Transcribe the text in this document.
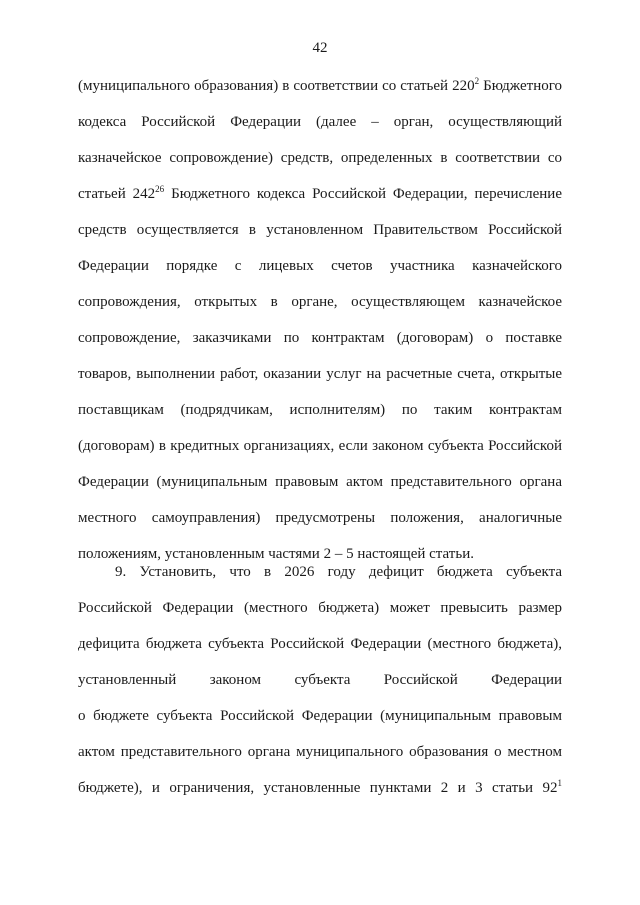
42
(муниципального образования) в соответствии со статьей $220^2$ Бюджетного
кодекса Российской Федерации (далее – орган, осуществляющий
казначейское сопровождение) средств, определенных в соответствии со
статьей $242^{26}$ Бюджетного кодекса Российской Федерации, перечисление
средств осуществляется в установленном Правительством Российской
Федерации порядке с лицевых счетов участника казначейского
сопровождения, открытых в органе, осуществляющем казначейское
сопровождение, заказчиками по контрактам (договорам) о поставке
товаров, выполнении работ, оказании услуг на расчетные счета, открытые
поставщикам (подрядчикам, исполнителям) по таким контрактам
(договорам) в кредитных организациях, если законом субъекта Российской
Федерации (муниципальным правовым актом представительного органа
местного самоуправления) предусмотрены положения, аналогичные
положениям, установленным частями 2 – 5 настоящей статьи.
9. Установить, что в 2026 году дефицит бюджета субъекта
Российской Федерации (местного бюджета) может превысить размер
дефицита бюджета субъекта Российской Федерации (местного бюджета),
установленный законом субъекта Российской Федерации
о бюджете субъекта Российской Федерации (муниципальным правовым
актом представительного органа муниципального образования о местном
бюджете), и ограничения, установленные пунктами 2 и 3 статьи $92^1$
